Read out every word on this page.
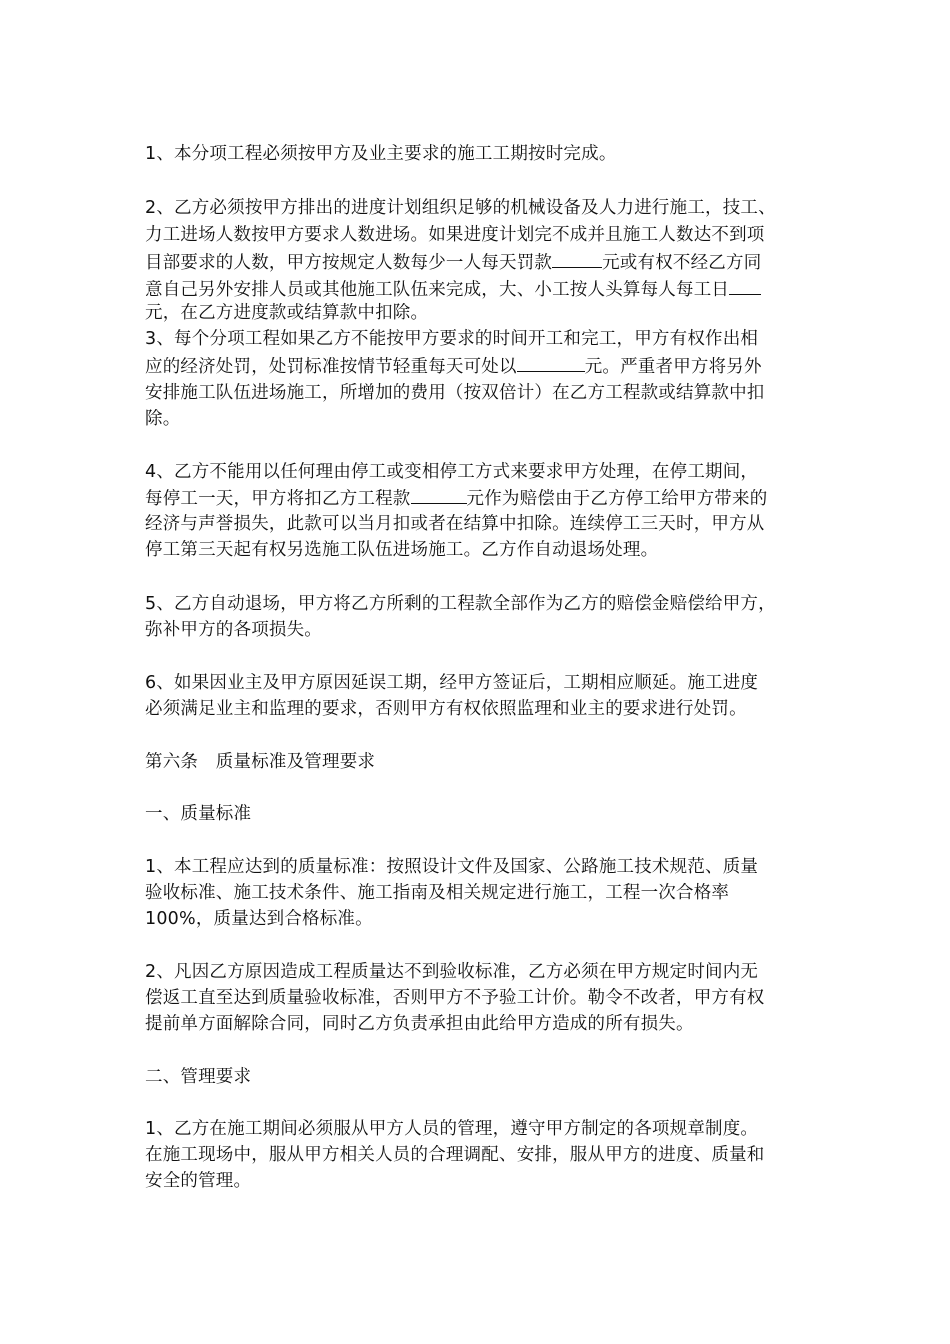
1、本分项工程必须按甲方及业主要求的施工工期按时完成。
2、乙方必须按甲方排出的进度计划组织足够的机械设备及人力进行施工，技工、
力工进场人数按甲方要求人数进场。如果进度计划完不成并且施工人数达不到项
目部要求的人数，甲方按规定人数每少一人每天罚款	元或有权不经乙方同
意自己另外安排人员或其他施工队伍来完成，大、小工按人头算每人每工日
元，在乙方进度款或结算款中扣除。
3、每个分项工程如果乙方不能按甲方要求的时间开工和完工，甲方有权作出相
应的经济处罚，处罚标准按情节轻重每天可处以	元。严重者甲方将另外
安排施工队伍进场施工，所增加的费用（按双倍计）在乙方工程款或结算款中扣
除。
4、乙方不能用以任何理由停工或变相停工方式来要求甲方处理，在停工期间，
每停工一天，甲方将扣乙方工程款	元作为赔偿由于乙方停工给甲方带来的
经济与声誉损失，此款可以当月扣或者在结算中扣除。连续停工三天时，甲方从
停工第三天起有权另选施工队伍进场施工。乙方作自动退场处理。
5、乙方自动退场，甲方将乙方所剩的工程款全部作为乙方的赔偿金赔偿给甲方，
弥补甲方的各项损失。
6、如果因业主及甲方原因延误工期，经甲方签证后，工期相应顺延。施工进度
必须满足业主和监理的要求，否则甲方有权依照监理和业主的要求进行处罚。
第六条　质量标准及管理要求
一、质量标准
1、本工程应达到的质量标准：按照设计文件及国家、公路施工技术规范、质量
验收标准、施工技术条件、施工指南及相关规定进行施工，工程一次合格率
100%，质量达到合格标准。
2、凡因乙方原因造成工程质量达不到验收标准，乙方必须在甲方规定时间内无
偿返工直至达到质量验收标准，否则甲方不予验工计价。勒令不改者，甲方有权
提前单方面解除合同，同时乙方负责承担由此给甲方造成的所有损失。
二、管理要求
1、乙方在施工期间必须服从甲方人员的管理，遵守甲方制定的各项规章制度。
在施工现场中，服从甲方相关人员的合理调配、安排，服从甲方的进度、质量和
安全的管理。
